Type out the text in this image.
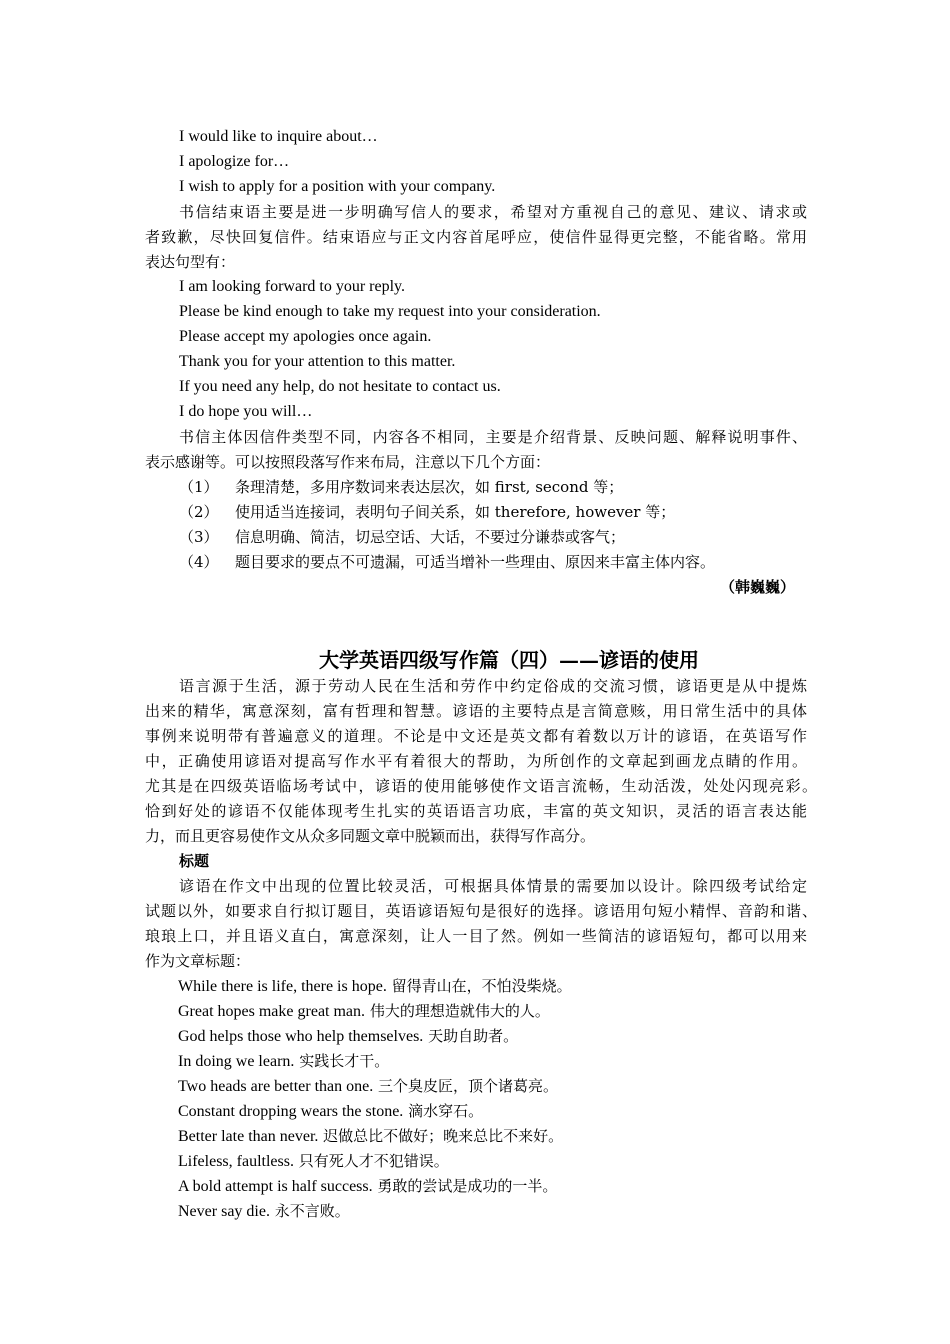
I would like to inquire about…
I apologize for…
I wish to apply for a position with your company.
书信结束语主要是进一步明确写信人的要求，希望对方重视自己的意见、建议、请求或
者致歉，尽快回复信件。结束语应与正文内容首尾呼应，使信件显得更完整，不能省略。常用
表达句型有：
I am looking forward to your reply.
Please be kind enough to take my request into your consideration.
Please accept my apologies once again.
Thank you for your attention to this matter.
If you need any help, do not hesitate to contact us.
I do hope you will…
书信主体因信件类型不同，内容各不相同，主要是介绍背景、反映问题、解释说明事件、
表示感谢等。可以按照段落写作来布局，注意以下几个方面：
（1） 条理清楚，多用序数词来表达层次，如 first, second 等；
（2） 使用适当连接词，表明句子间关系，如 therefore, however 等；
（3） 信息明确、简洁，切忌空话、大话，不要过分谦恭或客气；
（4） 题目要求的要点不可遗漏，可适当增补一些理由、原因来丰富主体内容。
（韩巍巍）
大学英语四级写作篇（四）——谚语的使用
语言源于生活，源于劳动人民在生活和劳作中约定俗成的交流习惯，谚语更是从中提炼
出来的精华，寓意深刻，富有哲理和智慧。谚语的主要特点是言简意赅，用日常生活中的具体
事例来说明带有普遍意义的道理。不论是中文还是英文都有着数以万计的谚语，在英语写作
中，正确使用谚语对提高写作水平有着很大的帮助，为所创作的文章起到画龙点睛的作用。
尤其是在四级英语临场考试中，谚语的使用能够使作文语言流畅，生动活泼，处处闪现亮彩。
恰到好处的谚语不仅能体现考生扎实的英语语言功底，丰富的英文知识，灵活的语言表达能
力，而且更容易使作文从众多同题文章中脱颖而出，获得写作高分。
标题
谚语在作文中出现的位置比较灵活，可根据具体情景的需要加以设计。除四级考试给定
试题以外，如要求自行拟订题目，英语谚语短句是很好的选择。谚语用句短小精悍、音韵和谐、
琅琅上口，并且语义直白，寓意深刻，让人一目了然。例如一些简洁的谚语短句，都可以用来
作为文章标题：
While there is life, there is hope. 留得青山在，不怕没柴烧。
Great hopes make great man. 伟大的理想造就伟大的人。
God helps those who help themselves. 天助自助者。
In doing we learn. 实践长才干。
Two heads are better than one. 三个臭皮匠，顶个诸葛亮。
Constant dropping wears the stone. 滴水穿石。
Better late than never. 迟做总比不做好；晚来总比不来好。
Lifeless, faultless. 只有死人才不犯错误。
A bold attempt is half success. 勇敢的尝试是成功的一半。
Never say die. 永不言败。
